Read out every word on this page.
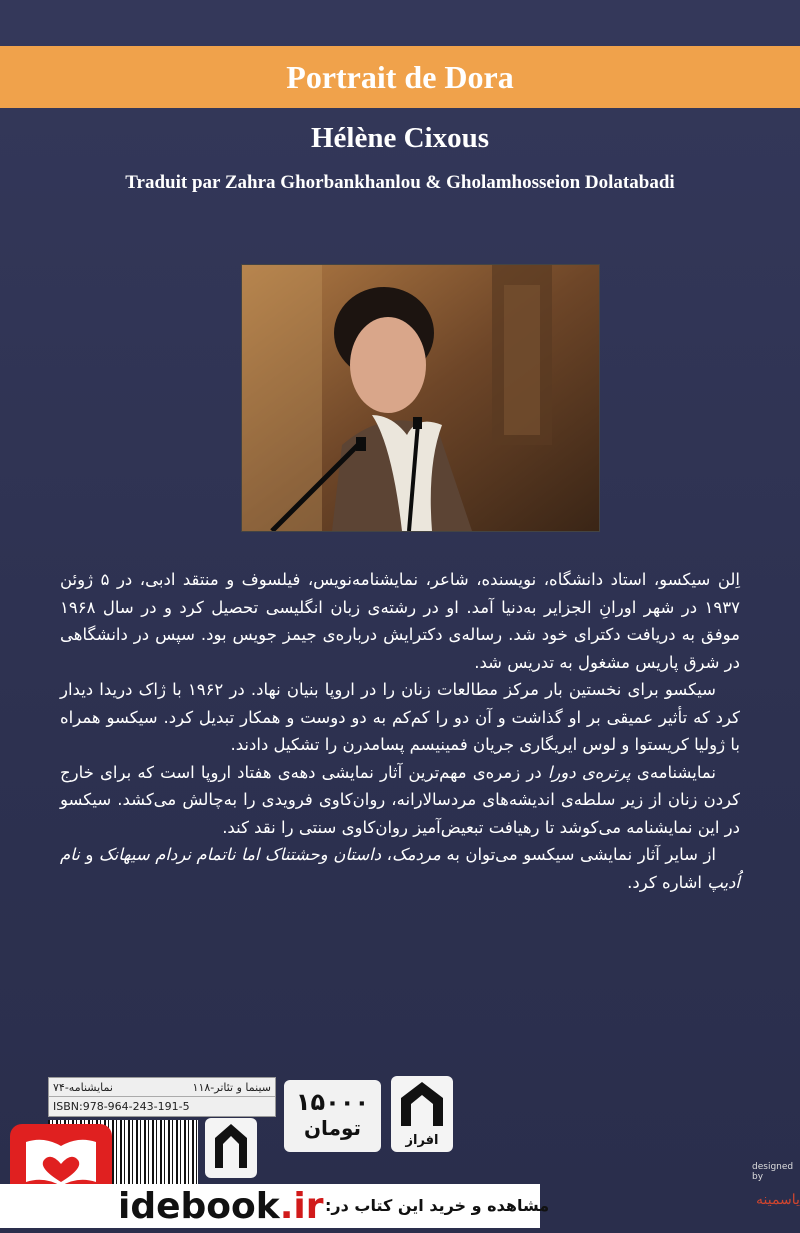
Portrait de Dora
Hélène Cixous
Traduit par Zahra Ghorbankhanlou & Gholamhosseion Dolatabadi

اِلن سیکسو، استاد دانشگاه، نویسنده، شاعر، نمایشنامه‌نویس، فیلسوف و منتقد ادبی، در ۵ ژوئن ۱۹۳۷ در شهر اورانِ الجزایر به‌دنیا آمد. او در رشته‌ی زبان انگلیسی تحصیل کرد و در سال ۱۹۶۸ موفق به دریافت دکترای خود شد. رساله‌ی دکترایش درباره‌ی جیمز جویس بود. سپس در دانشگاهی در شرق پاریس مشغول به تدریس شد.

سیکسو برای نخستین بار مرکز مطالعات زنان را در اروپا بنیان نهاد. در ۱۹۶۲ با ژاک دریدا دیدار کرد که تأثیر عمیقی بر او گذاشت و آن دو را کم‌کم به دو دوست و همکار تبدیل کرد. سیکسو همراه با ژولیا کریستوا و لوس ایریگاری جریان فمینیسم پسامدرن را تشکیل دادند.

نمایشنامه‌ی پرتره‌ی دورا در زمره‌ی مهم‌ترین آثار نمایشی دهه‌ی هفتاد اروپا است که برای خارج کردن زنان از زیر سلطه‌ی اندیشه‌های مردسالارانه، روان‌کاوی فرویدی را به‌چالش می‌کشد. سیکسو در این نمایشنامه می‌کوشد تا رهیافت تبعیض‌آمیز روان‌کاوی سنتی را نقد کند.

از سایر آثار نمایشی سیکسو می‌توان به مردمک، داستان وحشتناک اما ناتمام نردام سیهانک و نام اُدیپ اشاره کرد.

نمایشنامه-۷۴	سینما و تئاتر-۱۱۸
ISBN:978-964-243-191-5	۱۵۰۰۰
تومان
افراز
idebook.ir مشاهده و خرید این کتاب در:
designed by
یاسمینه
